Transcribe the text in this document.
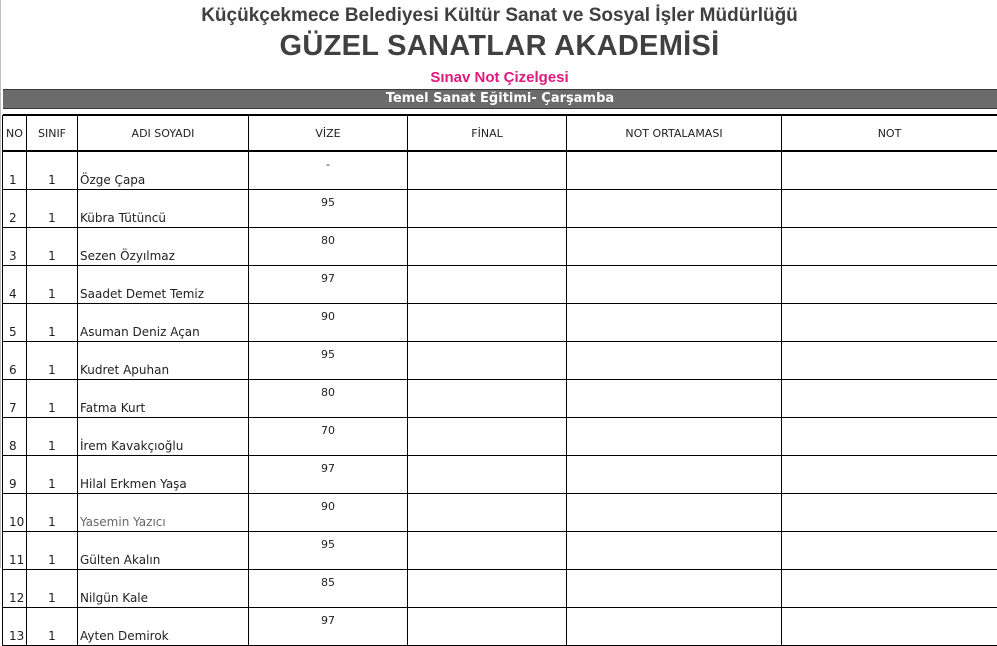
Küçükçekmece Belediyesi Kültür Sanat ve Sosyal İşler Müdürlüğü
GÜZEL SANATLAR AKADEMİSİ
Sınav Not Çizelgesi
Temel Sanat Eğitimi- Çarşamba
NO	SINIF	ADI SOYADI	VİZE	FİNAL	NOT ORTALAMASI	NOT
1	1	Özge Çapa	-			
2	1	Kübra Tütüncü	95			
3	1	Sezen Özyılmaz	80			
4	1	Saadet Demet Temiz	97			
5	1	Asuman Deniz Açan	90			
6	1	Kudret Apuhan	95			
7	1	Fatma Kurt	80			
8	1	İrem Kavakçıoğlu	70			
9	1	Hilal Erkmen Yaşa	97			
10	1	Yasemin Yazıcı	90			
11	1	Gülten Akalın	95			
12	1	Nilgün Kale	85			
13	1	Ayten Demirok	97			
